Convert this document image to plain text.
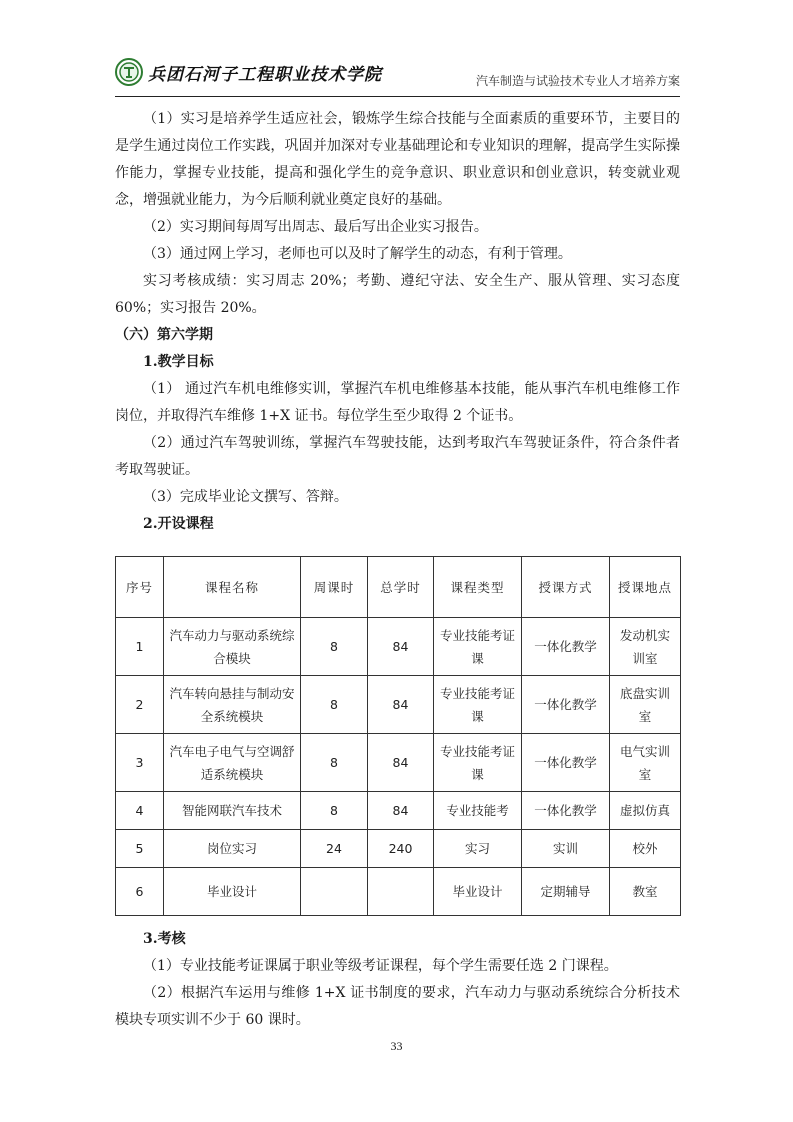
兵团石河子工程职业技术学院	汽车制造与试验技术专业人才培养方案

（1）实习是培养学生适应社会，锻炼学生综合技能与全面素质的重要环节，主要目的是学生通过岗位工作实践，巩固并加深对专业基础理论和专业知识的理解，提高学生实际操作能力，掌握专业技能，提高和强化学生的竞争意识、职业意识和创业意识，转变就业观念，增强就业能力，为今后顺利就业奠定良好的基础。

（2）实习期间每周写出周志、最后写出企业实习报告。

（3）通过网上学习，老师也可以及时了解学生的动态，有利于管理。

实习考核成绩：实习周志 20%；考勤、遵纪守法、安全生产、服从管理、实习态度 60%；实习报告 20%。

（六）第六学期

1.教学目标

（1） 通过汽车机电维修实训，掌握汽车机电维修基本技能，能从事汽车机电维修工作岗位，并取得汽车维修 1+X 证书。每位学生至少取得 2 个证书。

（2）通过汽车驾驶训练，掌握汽车驾驶技能，达到考取汽车驾驶证条件，符合条件者考取驾驶证。

（3）完成毕业论文撰写、答辩。

2.开设课程

序号	课程名称	周课时	总学时	课程类型	授课方式	授课地点
1	汽车动力与驱动系统综合模块	8	84	专业技能考证课	一体化教学	发动机实训室
2	汽车转向悬挂与制动安全系统模块	8	84	专业技能考证课	一体化教学	底盘实训室
3	汽车电子电气与空调舒适系统模块	8	84	专业技能考证课	一体化教学	电气实训室
4	智能网联汽车技术	8	84	专业技能考	一体化教学	虚拟仿真
5	岗位实习	24	240	实习	实训	校外
6	毕业设计			毕业设计	定期辅导	教室

3.考核

（1）专业技能考证课属于职业等级考证课程，每个学生需要任选 2 门课程。

（2）根据汽车运用与维修 1+X 证书制度的要求，汽车动力与驱动系统综合分析技术模块专项实训不少于 60 课时。

33
